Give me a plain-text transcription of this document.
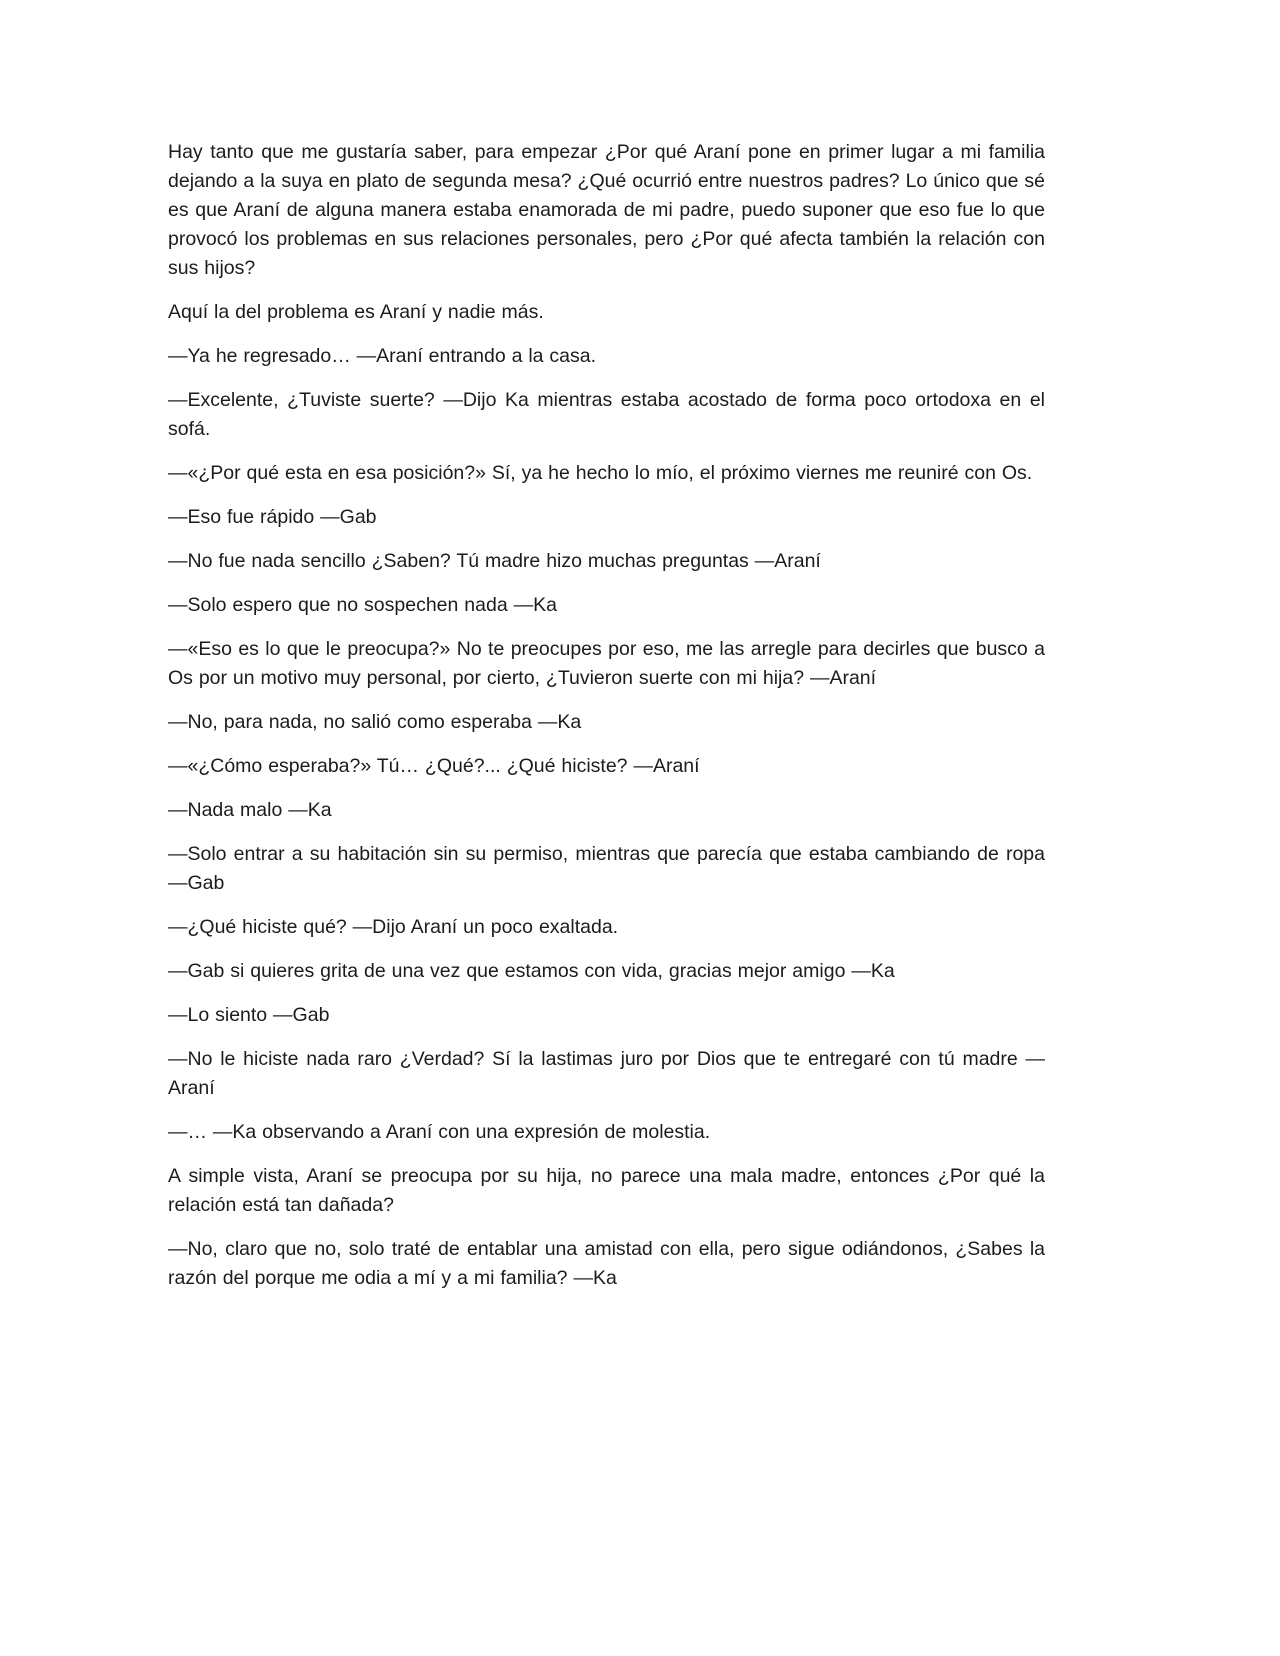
Hay tanto que me gustaría saber, para empezar ¿Por qué Araní pone en primer lugar a mi familia dejando a la suya en plato de segunda mesa? ¿Qué ocurrió entre nuestros padres? Lo único que sé es que Araní de alguna manera estaba enamorada de mi padre, puedo suponer que eso fue lo que provocó los problemas en sus relaciones personales, pero ¿Por qué afecta también la relación con sus hijos?

Aquí la del problema es Araní y nadie más.

—Ya he regresado… —Araní entrando a la casa.

—Excelente, ¿Tuviste suerte? —Dijo Ka mientras estaba acostado de forma poco ortodoxa en el sofá.

—«¿Por qué esta en esa posición?» Sí, ya he hecho lo mío, el próximo viernes me reuniré con Os.

—Eso fue rápido —Gab

—No fue nada sencillo ¿Saben? Tú madre hizo muchas preguntas —Araní

—Solo espero que no sospechen nada —Ka

—«Eso es lo que le preocupa?» No te preocupes por eso, me las arregle para decirles que busco a Os por un motivo muy personal, por cierto, ¿Tuvieron suerte con mi hija? —Araní

—No, para nada, no salió como esperaba —Ka

—«¿Cómo esperaba?» Tú… ¿Qué?... ¿Qué hiciste? —Araní

—Nada malo —Ka

—Solo entrar a su habitación sin su permiso, mientras que parecía que estaba cambiando de ropa —Gab

—¿Qué hiciste qué? —Dijo Araní un poco exaltada.

—Gab si quieres grita de una vez que estamos con vida, gracias mejor amigo —Ka

—Lo siento —Gab

—No le hiciste nada raro ¿Verdad? Sí la lastimas juro por Dios que te entregaré con tú madre —Araní

—… —Ka observando a Araní con una expresión de molestia.

A simple vista, Araní se preocupa por su hija, no parece una mala madre, entonces ¿Por qué la relación está tan dañada?

—No, claro que no, solo traté de entablar una amistad con ella, pero sigue odiándonos, ¿Sabes la razón del porque me odia a mí y a mi familia? —Ka
